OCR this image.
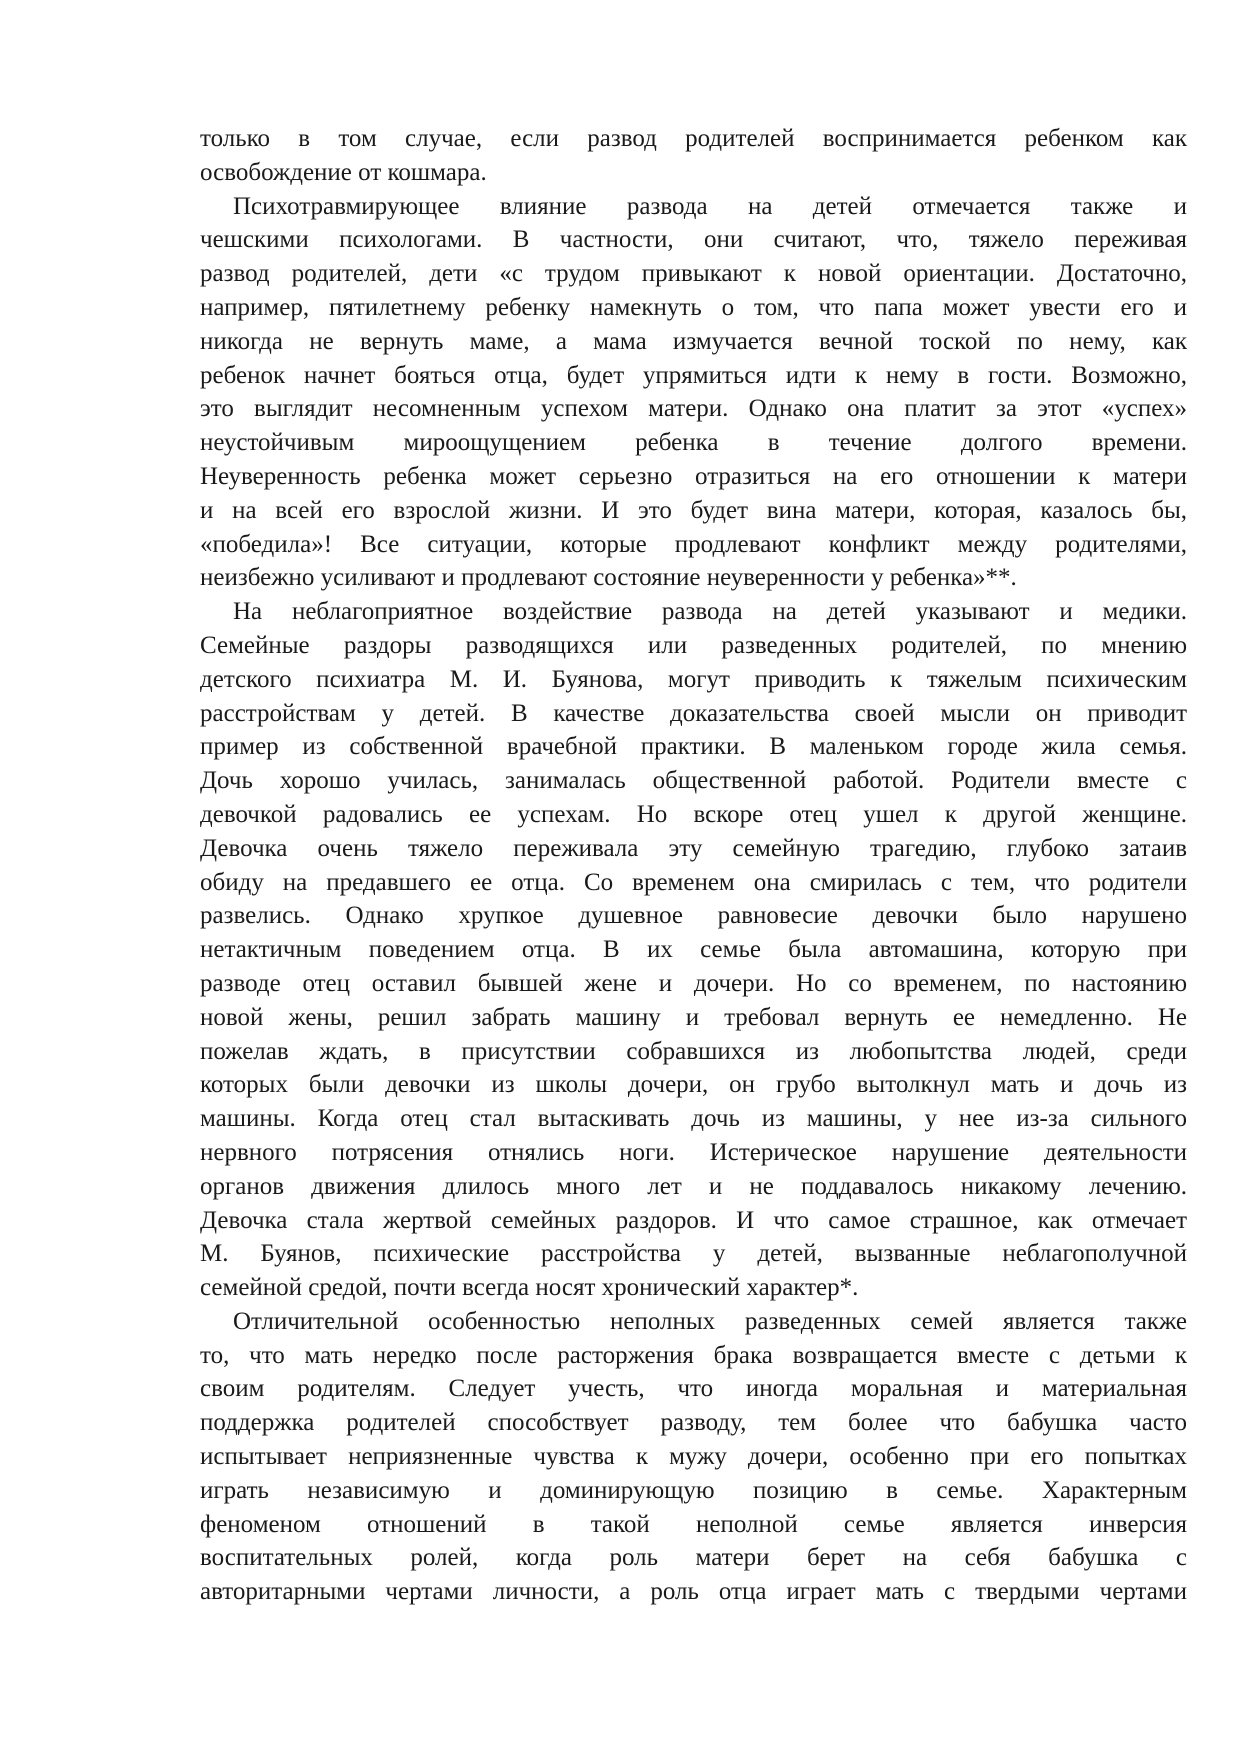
только в том случае, если развод родителей воспринимается ребенком как
освобождение от кошмара.
Психотравмирующее влияние развода на детей отмечается также и
чешскими психологами. В частности, они считают, что, тяжело переживая
развод родителей, дети «с трудом привыкают к новой ориентации. Достаточно,
например, пятилетнему ребенку намекнуть о том, что папа может увести его и
никогда не вернуть маме, а мама измучается вечной тоской по нему, как
ребенок начнет бояться отца, будет упрямиться идти к нему в гости. Возможно,
это выглядит несомненным успехом матери. Однако она платит за этот «успех»
неустойчивым мироощущением ребенка в течение долгого времени.
Неуверенность ребенка может серьезно отразиться на его отношении к матери
и на всей его взрослой жизни. И это будет вина матери, которая, казалось бы,
«победила»! Все ситуации, которые продлевают конфликт между родителями,
неизбежно усиливают и продлевают состояние неуверенности у ребенка»**.
На неблагоприятное воздействие развода на детей указывают и медики.
Семейные раздоры разводящихся или разведенных родителей, по мнению
детского психиатра М. И. Буянова, могут приводить к тяжелым психическим
расстройствам у детей. В качестве доказательства своей мысли он приводит
пример из собственной врачебной практики. В маленьком городе жила семья.
Дочь хорошо училась, занималась общественной работой. Родители вместе с
девочкой радовались ее успехам. Но вскоре отец ушел к другой женщине.
Девочка очень тяжело переживала эту семейную трагедию, глубоко затаив
обиду на предавшего ее отца. Со временем она смирилась с тем, что родители
развелись. Однако хрупкое душевное равновесие девочки было нарушено
нетактичным поведением отца. В их семье была автомашина, которую при
разводе отец оставил бывшей жене и дочери. Но со временем, по настоянию
новой жены, решил забрать машину и требовал вернуть ее немедленно. Не
пожелав ждать, в присутствии собравшихся из любопытства людей, среди
которых были девочки из школы дочери, он грубо вытолкнул мать и дочь из
машины. Когда отец стал вытаскивать дочь из машины, у нее из-за сильного
нервного потрясения отнялись ноги. Истерическое нарушение деятельности
органов движения длилось много лет и не поддавалось никакому лечению.
Девочка стала жертвой семейных раздоров. И что самое страшное, как отмечает
М. Буянов, психические расстройства у детей, вызванные неблагополучной
семейной средой, почти всегда носят хронический характер*.
Отличительной особенностью неполных разведенных семей является также
то, что мать нередко после расторжения брака возвращается вместе с детьми к
своим родителям. Следует учесть, что иногда моральная и материальная
поддержка родителей способствует разводу, тем более что бабушка часто
испытывает неприязненные чувства к мужу дочери, особенно при его попытках
играть независимую и доминирующую позицию в семье. Характерным
феноменом отношений в такой неполной семье является инверсия
воспитательных ролей, когда роль матери берет на себя бабушка с
авторитарными чертами личности, а роль отца играет мать с твердыми чертами
